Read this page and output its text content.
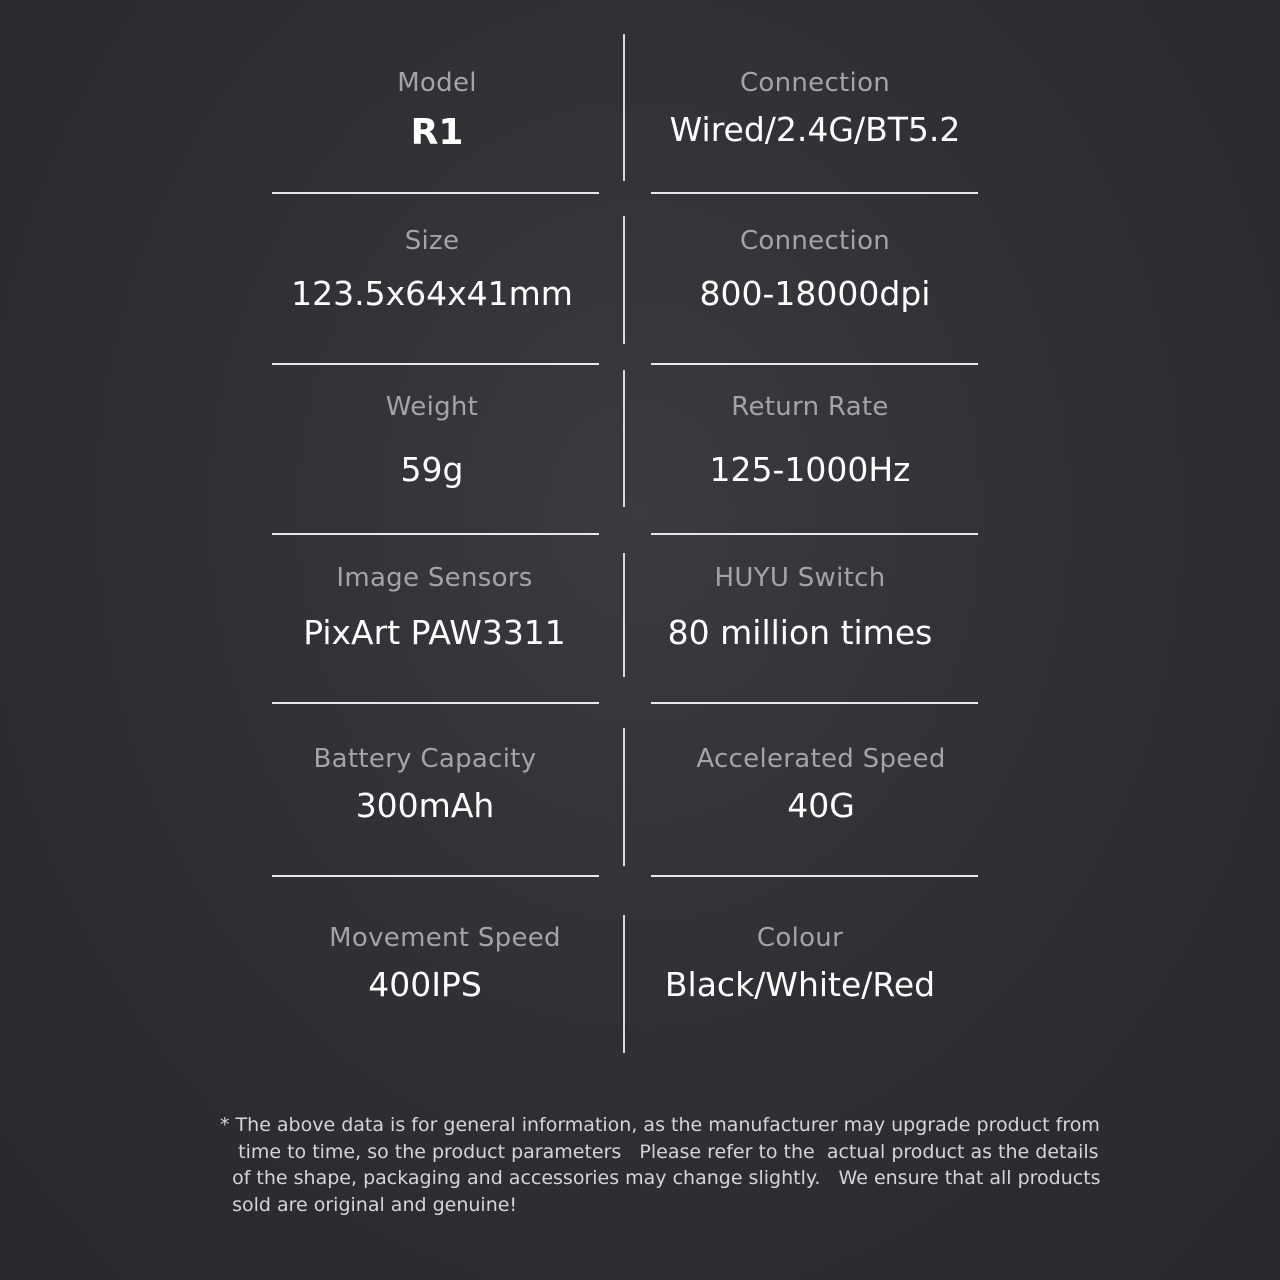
Model
R1
Connection
Wired/2.4G/BT5.2
Size
123.5x64x41mm
Connection
800-18000dpi
Weight
59g
Return Rate
125-1000Hz
Image Sensors
PixArt PAW3311
HUYU Switch
80 million times
Battery Capacity
300mAh
Accelerated Speed
40G
Movement Speed
400IPS
Colour
Black/White/Red
* The above data is for general information, as the manufacturer may upgrade product from
time to time, so the product parameters   Please refer to the  actual product as the details
of the shape, packaging and accessories may change slightly.   We ensure that all products
sold are original and genuine!
